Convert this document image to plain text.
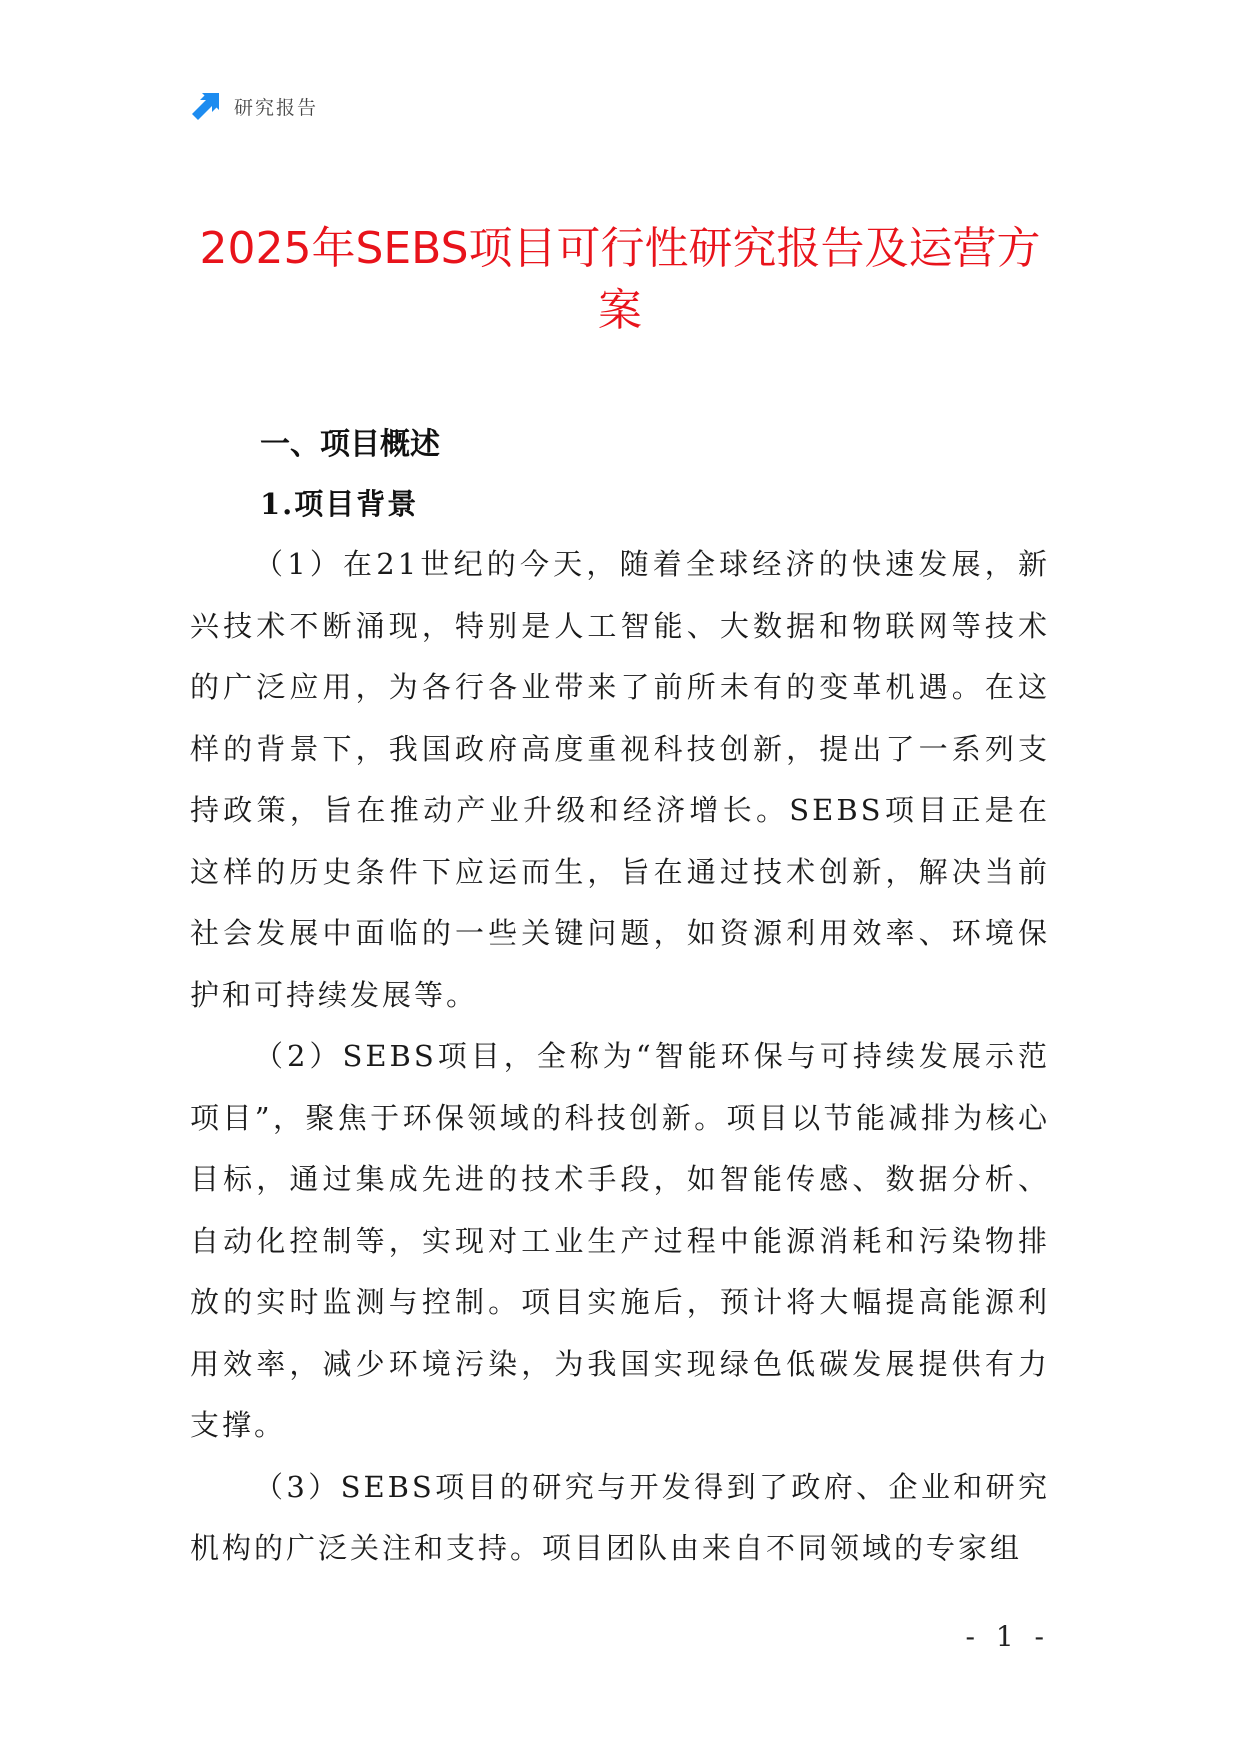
研究报告
2025年SEBS项目可行性研究报告及运营方案
一、项目概述
1.项目背景

（1）在21世纪的今天，随着全球经济的快速发展，新兴技术不断涌现，特别是人工智能、大数据和物联网等技术的广泛应用，为各行各业带来了前所未有的变革机遇。在这样的背景下，我国政府高度重视科技创新，提出了一系列支持政策，旨在推动产业升级和经济增长。SEBS项目正是在这样的历史条件下应运而生，旨在通过技术创新，解决当前社会发展中面临的一些关键问题，如资源利用效率、环境保护和可持续发展等。

（2）SEBS项目，全称为“智能环保与可持续发展示范项目”，聚焦于环保领域的科技创新。项目以节能减排为核心目标，通过集成先进的技术手段，如智能传感、数据分析、自动化控制等，实现对工业生产过程中能源消耗和污染物排放的实时监测与控制。项目实施后，预计将大幅提高能源利用效率，减少环境污染，为我国实现绿色低碳发展提供有力支撑。

（3）SEBS项目的研究与开发得到了政府、企业和研究机构的广泛关注和支持。项目团队由来自不同领域的专家组

- 1 -
